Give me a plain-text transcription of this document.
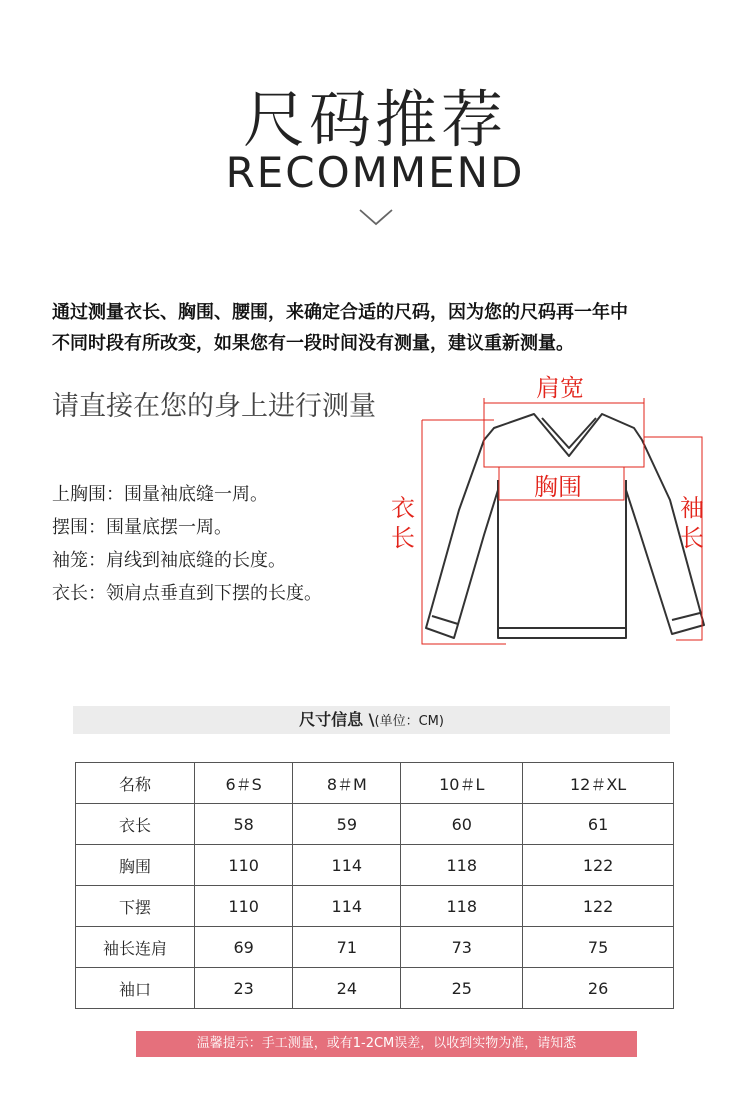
尺码推荐
RECOMMEND
通过测量衣长、胸围、腰围，来确定合适的尺码，因为您的尺码再一年中
不同时段有所改变，如果您有一段时间没有测量，建议重新测量。
请直接在您的身上进行测量
上胸围：围量袖底缝一周。
摆围：围量底摆一周。
袖笼：肩线到袖底缝的长度。
衣长：领肩点垂直到下摆的长度。
肩宽
胸围
衣
长
袖
长
尺寸信息 \(单位：CM)
名称	6＃S	8＃M	10＃L	12＃XL
衣长	58	59	60	61
胸围	110	114	118	122
下摆	110	114	118	122
袖长连肩	69	71	73	75
袖口	23	24	25	26
温馨提示：手工测量，或有1-2CM误差，以收到实物为准，请知悉
